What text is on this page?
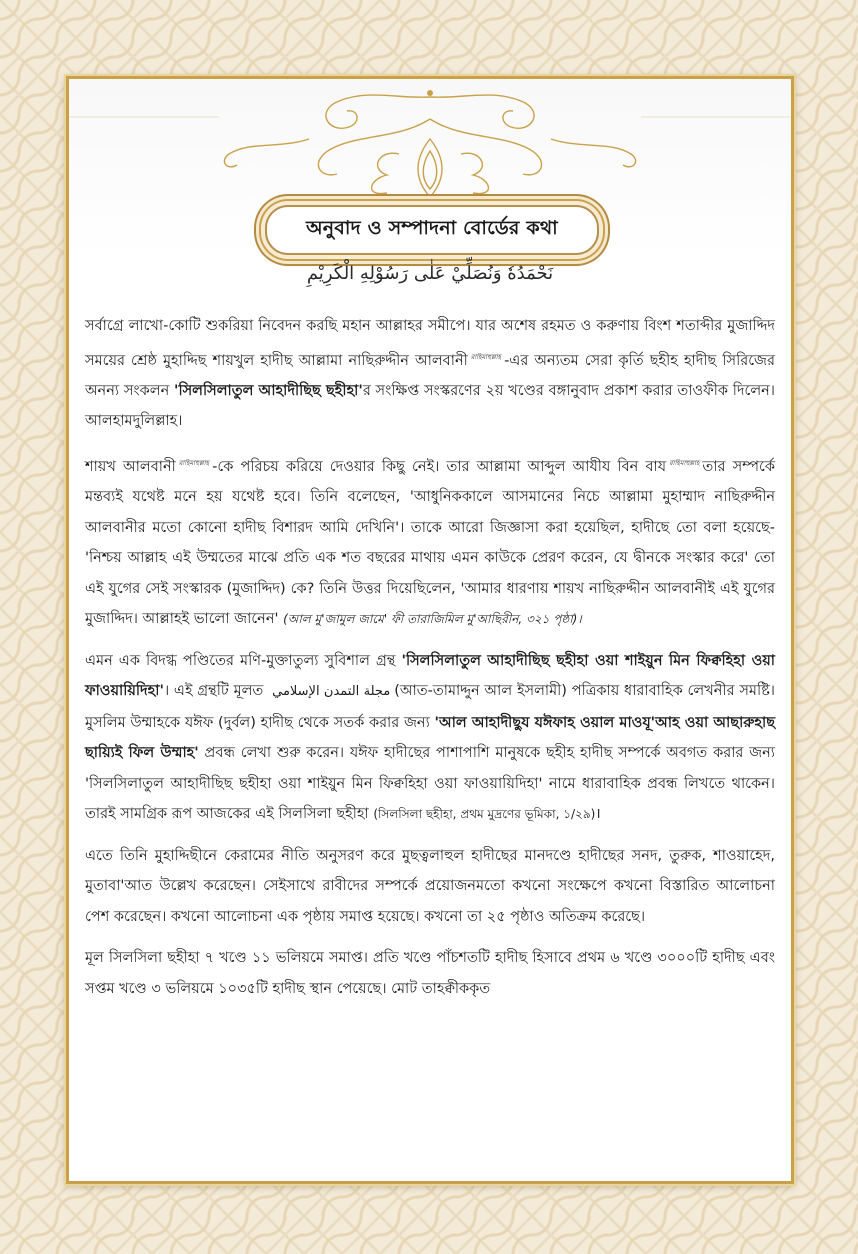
অনুবাদ ও সম্পাদনা বোর্ডের কথা
نَحْمَدُهٗ وَنُصَلِّيْ عَلٰى رَسُوْلِهِ الْكَرِيْمِ

সর্বাগ্রে লাখো-কোটি শুকরিয়া নিবেদন করছি মহান আল্লাহর সমীপে। যার অশেষ রহমত ও করুণায় বিংশ শতাব্দীর মুজাদ্দিদ সময়ের শ্রেষ্ঠ মুহাদ্দিছ শায়খুল হাদীছ আল্লামা নাছিরুদ্দীন আলবানী $^{রাহিমাহুল্লাহ}$ -এর অন্যতম সেরা কৃর্তি ছহীহ হাদীছ সিরিজের অনন্য সংকলন 'সিলসিলাতুল আহাদীছিছ ছহীহা'র সংক্ষিপ্ত সংস্করণের ২য় খণ্ডের বঙ্গানুবাদ প্রকাশ করার তাওফীক দিলেন। আলহামদুলিল্লাহ।

শায়খ আলবানী $^{রাহিমাহুল্লাহ}$ -কে পরিচয় করিয়ে দেওয়ার কিছু নেই। তার আল্লামা আব্দুল আযীয বিন বায $^{রাহিমাহুল্লাহ}$ তার সম্পর্কে মন্তব্যই যথেষ্ট মনে হয় যথেষ্ট হবে। তিনি বলেছেন, 'আধুনিককালে আসমানের নিচে আল্লামা মুহাম্মাদ নাছিরুদ্দীন আলবানীর মতো কোনো হাদীছ বিশারদ আমি দেখিনি'। তাকে আরো জিজ্ঞাসা করা হয়েছিল, হাদীছে তো বলা হয়েছে- 'নিশ্চয় আল্লাহ এই উম্মতের মাঝে প্রতি এক শত বছরের মাথায় এমন কাউকে প্রেরণ করেন, যে দ্বীনকে সংস্কার করে' তো এই যুগের সেই সংস্কারক (মুজাদ্দিদ) কে? তিনি উত্তর দিয়েছিলেন, 'আমার ধারণায় শায়খ নাছিরুদ্দীন আলবানীই এই যুগের মুজাদ্দিদ। আল্লাহই ভালো জানেন' (আল মু'জামুল জামে' ফী তারাজিমিল মু'আছিরীন, ৩২১ পৃষ্ঠা)।

এমন এক বিদগ্ধ পণ্ডিতের মণি-মুক্তাতুল্য সুবিশাল গ্রন্থ 'সিলসিলাতুল আহাদীছিছ ছহীহা ওয়া শাইয়ুন মিন ফিক্বহিহা ওয়া ফাওয়ায়িদিহা'। এই গ্রন্থটি মূলত مجلة التمدن الإسلامي (আত-তামাদ্দুন আল ইসলামী) পত্রিকায় ধারাবাহিক লেখনীর সমষ্টি। মুসলিম উম্মাহকে যঈফ (দুর্বল) হাদীছ থেকে সতর্ক করার জন্য 'আল আহাদীছুয যঈফাহ ওয়াল মাওযূ'আহ ওয়া আছারুহাছ ছায়্যিই ফিল উম্মাহ' প্রবন্ধ লেখা শুরু করেন। যঈফ হাদীছের পাশাপাশি মানুষকে ছহীহ হাদীছ সম্পর্কে অবগত করার জন্য 'সিলসিলাতুল আহাদীছিছ ছহীহা ওয়া শাইয়ুন মিন ফিক্বহিহা ওয়া ফাওয়ায়িদিহা' নামে ধারাবাহিক প্রবন্ধ লিখতে থাকেন। তারই সামগ্রিক রূপ আজকের এই সিলসিলা ছহীহা (সিলসিলা ছহীহা, প্রথম মুদ্রণের ভূমিকা, ১/২৯)।

এতে তিনি মুহাদ্দিছীনে কেরামের নীতি অনুসরণ করে মুছত্বলাহুল হাদীছের মানদণ্ডে হাদীছের সনদ, তুরুক, শাওয়াহেদ, মুতাবা'আত উল্লেখ করেছেন। সেইসাথে রাবীদের সম্পর্কে প্রয়োজনমতো কখনো সংক্ষেপে কখনো বিস্তারিত আলোচনা পেশ করেছেন। কখনো আলোচনা এক পৃষ্ঠায় সমাপ্ত হয়েছে। কখনো তা ২৫ পৃষ্ঠাও অতিক্রম করেছে।

মূল সিলসিলা ছহীহা ৭ খণ্ডে ১১ ভলিয়মে সমাপ্ত। প্রতি খণ্ডে পাঁচশতটি হাদীছ হিসাবে প্রথম ৬ খণ্ডে ৩০০০টি হাদীছ এবং সপ্তম খণ্ডে ৩ ভলিয়মে ১০৩৫টি হাদীছ স্থান পেয়েছে। মোট তাহক্বীককৃত
